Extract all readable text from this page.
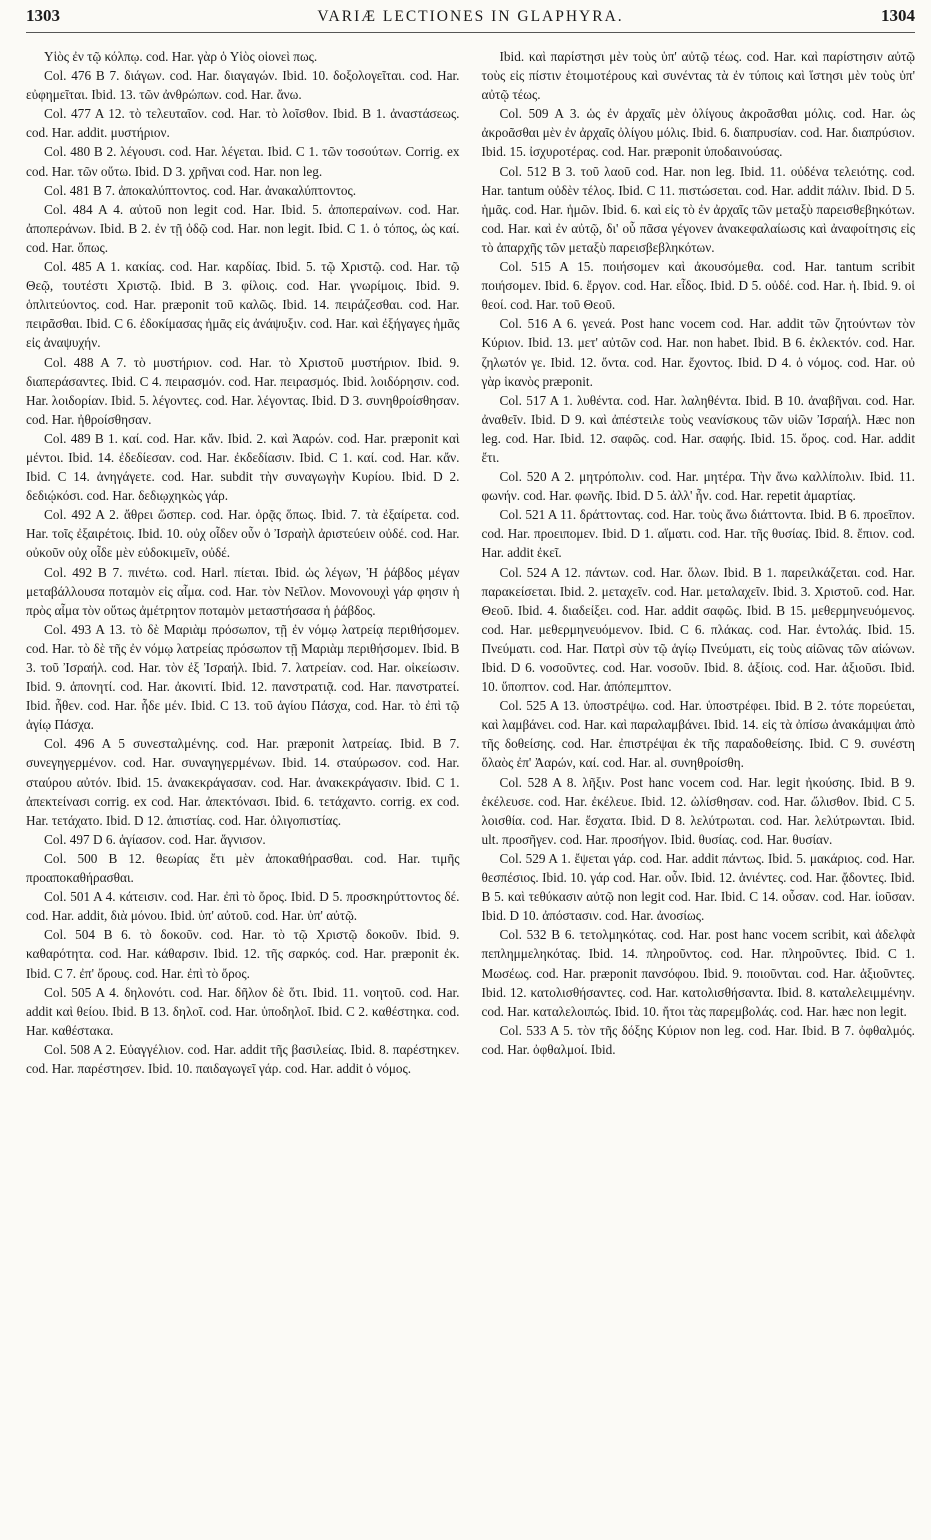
1303	VARIÆ LECTIONES IN GLAPHYRA.	1304

Υἱὸς ἐν τῷ κόλπῳ. cod. Har. γὰρ ὁ Υἱὸς οἱονεὶ πως.

Col. 476 B 7. διάγων. cod. Har. διαγαγών. Ibid. 10. δοξολογεῖται. cod. Har. εὐφημεῖται. Ibid. 13. τῶν ἀνθρώπων. cod. Har. ἄνω.

Col. 477 A 12. τὸ τελευταῖον. cod. Har. τὸ λοῖσθον. Ibid. B 1. ἀναστάσεως. cod. Har. addit. μυστήριον.

Col. 480 B 2. λέγουσι. cod. Har. λέγεται. Ibid. C 1. τῶν τοσούτων. Corrig. ex cod. Har. τῶν οὕτω. Ibid. D 3. χρῆναι cod. Har. non leg.

Col. 481 B 7. ἀποκαλύπτοντος. cod. Har. ἀνακαλύπτοντος.

Col. 484 A 4. αὐτοῦ non legit cod. Har. Ibid. 5. ἀποπεραίνων. cod. Har. ἀποπεράνων. Ibid. B 2. ἐν τῇ ὁδῷ cod. Har. non legit. Ibid. C 1. ὁ τόπος, ὡς καί. cod. Har. ὅπως.

Col. 485 A 1. κακίας. cod. Har. καρδίας. Ibid. 5. τῷ Χριστῷ. cod. Har. τῷ Θεῷ, τουτέστι Χριστῷ. Ibid. B 3. φίλοις. cod. Har. γνωρίμοις. Ibid. 9. ὁπλιτεύοντος. cod. Har. præponit τοῦ καλῶς. Ibid. 14. πειράζεσθαι. cod. Har. πειρᾶσθαι. Ibid. C 6. ἐδοκίμασας ἡμᾶς εἰς ἀνάψυξιν. cod. Har. καὶ ἐξήγαγες ἡμᾶς εἰς ἀναψυχήν.

Col. 488 A 7. τὸ μυστήριον. cod. Har. τὸ Χριστοῦ μυστήριον. Ibid. 9. διαπεράσαντες. Ibid. C 4. πειρασμόν. cod. Har. πειρασμός. Ibid. λοιδόρησιν. cod. Har. λοιδορίαν. Ibid. 5. λέγοντες. cod. Har. λέγοντας. Ibid. D 3. συνηθροίσθησαν. cod. Har. ἠθροίσθησαν.

Col. 489 B 1. καί. cod. Har. κἄν. Ibid. 2. καὶ Ἀαρών. cod. Har. præponit καὶ μέντοι. Ibid. 14. ἐδεδίεσαν. cod. Har. ἐκδεδίασιν. Ibid. C 1. καί. cod. Har. κἄν. Ibid. C 14. ἀνηγάγετε. cod. Har. subdit τὴν συναγωγὴν Κυρίου. Ibid. D 2. δεδιῴκόσι. cod. Har. δεδιῳχηκὼς γάρ.

Col. 492 A 2. ἄθρει ὥσπερ. cod. Har. ὁρᾷς ὅπως. Ibid. 7. τὰ ἐξαίρετα. cod. Har. τοῖς ἐξαιρέτοις. Ibid. 10. οὐχ οἶδεν οὖν ὁ Ἰσραὴλ ἀριστεύειν οὐδέ. cod. Har. οὐκοῦν οὐχ οἶδε μὲν εὐδοκιμεῖν, οὐδέ.

Col. 492 B 7. πινέτω. cod. Harl. πίεται. Ibid. ὡς λέγων, Ἡ ῥάβδος μέγαν μεταβάλλουσα ποταμὸν εἰς αἷμα. cod. Har. τὸν Νεῖλον. Μονονουχὶ γάρ φησιν ἡ πρὸς αἷμα τὸν οὕτως ἀμέτρητον ποταμὸν μεταστήσασα ἡ ῥάβδος.

Col. 493 A 13. τὸ δὲ Μαριὰμ πρόσωπον, τῇ ἐν νόμῳ λατρείᾳ περιθήσομεν. cod. Har. τὸ δὲ τῆς ἐν νόμῳ λατρείας πρόσωπον τῇ Μαριὰμ περιθήσομεν. Ibid. B 3. τοῦ Ἰσραήλ. cod. Har. τὸν ἐξ Ἰσραήλ. Ibid. 7. λατρείαν. cod. Har. οἰκείωσιν. Ibid. 9. ἀπονητί. cod. Har. ἀκονιτί. Ibid. 12. πανστρατιᾷ. cod. Har. πανστρατεί. Ibid. ἧθεν. cod. Har. ἧδε μέν. Ibid. C 13. τοῦ ἁγίου Πάσχα, cod. Har. τὸ ἐπὶ τῷ ἁγίῳ Πάσχα.

Col. 496 A 5 συνεσταλμένης. cod. Har. præponit λατρείας. Ibid. B 7. συνεγηγερμένον. cod. Har. συναγηγερμένων. Ibid. 14. σταύρωσον. cod. Har. σταύρου αὐτόν. Ibid. 15. ἀνακεκράγασαν. cod. Har. ἀνακεκράγασιν. Ibid. C 1. ἀπεκτείνασι corrig. ex cod. Har. ἀπεκτόνασι. Ibid. 6. τετάχαντο. corrig. ex cod. Har. τετάχατο. Ibid. D 12. ἀπιστίας. cod. Har. ὀλιγοπιστίας.

Col. 497 D 6. ἁγίασον. cod. Har. ἅγνισον.

Col. 500 B 12. θεωρίας ἔτι μὲν ἀποκαθήρασθαι. cod. Har. τιμῆς προαποκαθήρασθαι.

Col. 501 A 4. κάτεισιν. cod. Har. ἐπὶ τὸ ὄρος. Ibid. D 5. προσκηρύττοντος δέ. cod. Har. addit, διὰ μόνου. Ibid. ὑπ' αὐτοῦ. cod. Har. ὑπ' αὐτῷ.

Col. 504 B 6. τὸ δοκοῦν. cod. Har. τὸ τῷ Χριστῷ δοκοῦν. Ibid. 9. καθαρότητα. cod. Har. κάθαρσιν. Ibid. 12. τῆς σαρκός. cod. Har. præponit ἐκ. Ibid. C 7. ἐπ' ὄρους. cod. Har. ἐπὶ τὸ ὄρος.

Col. 505 A 4. δηλονότι. cod. Har. δῆλον δὲ ὅτι. Ibid. 11. νοητοῦ. cod. Har. addit καὶ θείου. Ibid. B 13. δηλοῖ. cod. Har. ὑποδηλοῖ. Ibid. C 2. καθέστηκα. cod. Har. καθέστακα.

Col. 508 A 2. Εὐαγγέλιον. cod. Har. addit τῆς βασιλείας. Ibid. 8. παρέστηκεν. cod. Har. παρέστησεν. Ibid. 10. παιδαγωγεῖ γάρ. cod. Har. addit ὁ νόμος.

Ibid. καὶ παρίστησι μὲν τοὺς ὑπ' αὐτῷ τέως. cod. Har. καὶ παρίστησιν αὐτῷ τοὺς εἰς πίστιν ἑτοιμοτέρους καὶ συνέντας τὰ ἐν τύποις καὶ ἵστησι μὲν τοὺς ὑπ' αὐτῷ τέως.

Col. 509 A 3. ὡς ἐν ἀρχαῖς μὲν ὀλίγους ἀκροᾶσθαι μόλις. cod. Har. ὡς ἀκροᾶσθαι μὲν ἐν ἀρχαῖς ὀλίγου μόλις. Ibid. 6. διαπρυσίαν. cod. Har. διαπρύσιον. Ibid. 15. ἰσχυροτέρας. cod. Har. præponit ὑποδαινούσας.

Col. 512 B 3. τοῦ λαοῦ cod. Har. non leg. Ibid. 11. οὐδένα τελειότης. cod. Har. tantum οὐδὲν τέλος. Ibid. C 11. πιστώσεται. cod. Har. addit πάλιν. Ibid. D 5. ἡμᾶς. cod. Har. ἡμῶν. Ibid. 6. καὶ εἰς τὸ ἐν ἀρχαῖς τῶν μεταξὺ παρεισθεβηκότων. cod. Har. καὶ ἐν αὐτῷ, δι' οὗ πᾶσα γέγονεν ἀνακεφαλαίωσις καὶ ἀναφοίτησις εἰς τὸ ἀπαρχῆς τῶν μεταξὺ παρεισβεβληκότων.

Col. 515 A 15. ποιήσομεν καὶ ἀκουσόμεθα. cod. Har. tantum scribit ποιήσομεν. Ibid. 6. ἔργον. cod. Har. εἶδος. Ibid. D 5. οὐδέ. cod. Har. ἡ. Ibid. 9. οἱ θεοί. cod. Har. τοῦ Θεοῦ.

Col. 516 A 6. γενεά. Post hanc vocem cod. Har. addit τῶν ζητούντων τὸν Κύριον. Ibid. 13. μετ' αὐτῶν cod. Har. non habet. Ibid. B 6. ἐκλεκτόν. cod. Har. ζηλωτόν γε. Ibid. 12. ὄντα. cod. Har. ἔχοντος. Ibid. D 4. ὁ νόμος. cod. Har. οὐ γὰρ ἱκανὸς præponit.

Col. 517 A 1. λυθέντα. cod. Har. λαληθέντα. Ibid. B 10. ἀναβῆναι. cod. Har. ἀναθεῖν. Ibid. D 9. καὶ ἀπέστειλε τοὺς νεανίσκους τῶν υἱῶν Ἰσραήλ. Hæc non leg. cod. Har. Ibid. 12. σαφῶς. cod. Har. σαφής. Ibid. 15. ὅρος. cod. Har. addit ἔτι.

Col. 520 A 2. μητρόπολιν. cod. Har. μητέρα. Τὴν ἄνω καλλίπολιν. Ibid. 11. φωνήν. cod. Har. φωνῆς. Ibid. D 5. ἀλλ' ἦν. cod. Har. repetit ἁμαρτίας.

Col. 521 A 11. δράττοντας. cod. Har. τοὺς ἄνω διάττοντα. Ibid. B 6. προεῖπον. cod. Har. προειπομεν. Ibid. D 1. αἵματι. cod. Har. τῆς θυσίας. Ibid. 8. ἔπιον. cod. Har. addit ἐκεῖ.

Col. 524 A 12. πάντων. cod. Har. ὅλων. Ibid. B 1. παρειλκάζεται. cod. Har. παρακείσεται. Ibid. 2. μεταχεῖν. cod. Har. μεταλαχεῖν. Ibid. 3. Χριστοῦ. cod. Har. Θεοῦ. Ibid. 4. διαδείξει. cod. Har. addit σαφῶς. Ibid. B 15. μεθερμηνευόμενος. cod. Har. μεθερμηνευόμενον. Ibid. C 6. πλάκας. cod. Har. ἐντολάς. Ibid. 15. Πνεύματι. cod. Har. Πατρὶ σὺν τῷ ἁγίῳ Πνεύματι, εἰς τοὺς αἰῶνας τῶν αἰώνων. Ibid. D 6. νοσοῦντες. cod. Har. νοσοῦν. Ibid. 8. ἀξίοις. cod. Har. ἀξιοῦσι. Ibid. 10. ὕποπτον. cod. Har. ἀπόπεμπτον.

Col. 525 A 13. ὑποστρέψω. cod. Har. ὑποστρέφει. Ibid. B 2. τότε πορεύεται, καὶ λαμβάνει. cod. Har. καὶ παραλαμβάνει. Ibid. 14. εἰς τὰ ὀπίσω ἀνακάμψαι ἀπὸ τῆς δοθείσης. cod. Har. ἐπιστρέψαι ἐκ τῆς παραδοθείσης. Ibid. C 9. συνέστη ὅλαὸς ἐπ' Ἀαρών, καί. cod. Har. al. συνηθροίσθη.

Col. 528 A 8. λῆξιν. Post hanc vocem cod. Har. legit ἠκούσης. Ibid. B 9. ἐκέλευσε. cod. Har. ἐκέλευε. Ibid. 12. ὠλίσθησαν. cod. Har. ὤλισθον. Ibid. C 5. λοισθία. cod. Har. ἔσχατα. Ibid. D 8. λελύτρωται. cod. Har. λελύτρωνται. Ibid. ult. προσῆγεν. cod. Har. προσήγον. Ibid. θυσίας. cod. Har. θυσίαν.

Col. 529 A 1. ἔψεται γάρ. cod. Har. addit πάντως. Ibid. 5. μακάριος. cod. Har. θεσπέσιος. Ibid. 10. γάρ cod. Har. οὖν. Ibid. 12. ἀνιέντες. cod. Har. ᾄδοντες. Ibid. B 5. καὶ τεθύκασιν αὐτῷ non legit cod. Har. Ibid. C 14. οὖσαν. cod. Har. ἰοῦσαν. Ibid. D 10. ἀπόστασιν. cod. Har. ἀνοσίως.

Col. 532 B 6. τετολμηκότας. cod. Har. post hanc vocem scribit, καὶ ἀδελφὰ πεπλημμεληκότας. Ibid. 14. πληροῦντος. cod. Har. πληροῦντες. Ibid. C 1. Μωσέως. cod. Har. præponit πανσόφου. Ibid. 9. ποιοῦνται. cod. Har. ἀξιοῦντες. Ibid. 12. κατολισθήσαντες. cod. Har. κατολισθήσαντα. Ibid. 8. καταλελειμμένην. cod. Har. καταλελοιπώς. Ibid. 10. ἤτοι τὰς παρεμβολάς. cod. Har. hæc non legit.

Col. 533 A 5. τὸν τῆς δόξης Κύριον non leg. cod. Har. Ibid. B 7. ὀφθαλμός. cod. Har. ὀφθαλμοί. Ibid.
